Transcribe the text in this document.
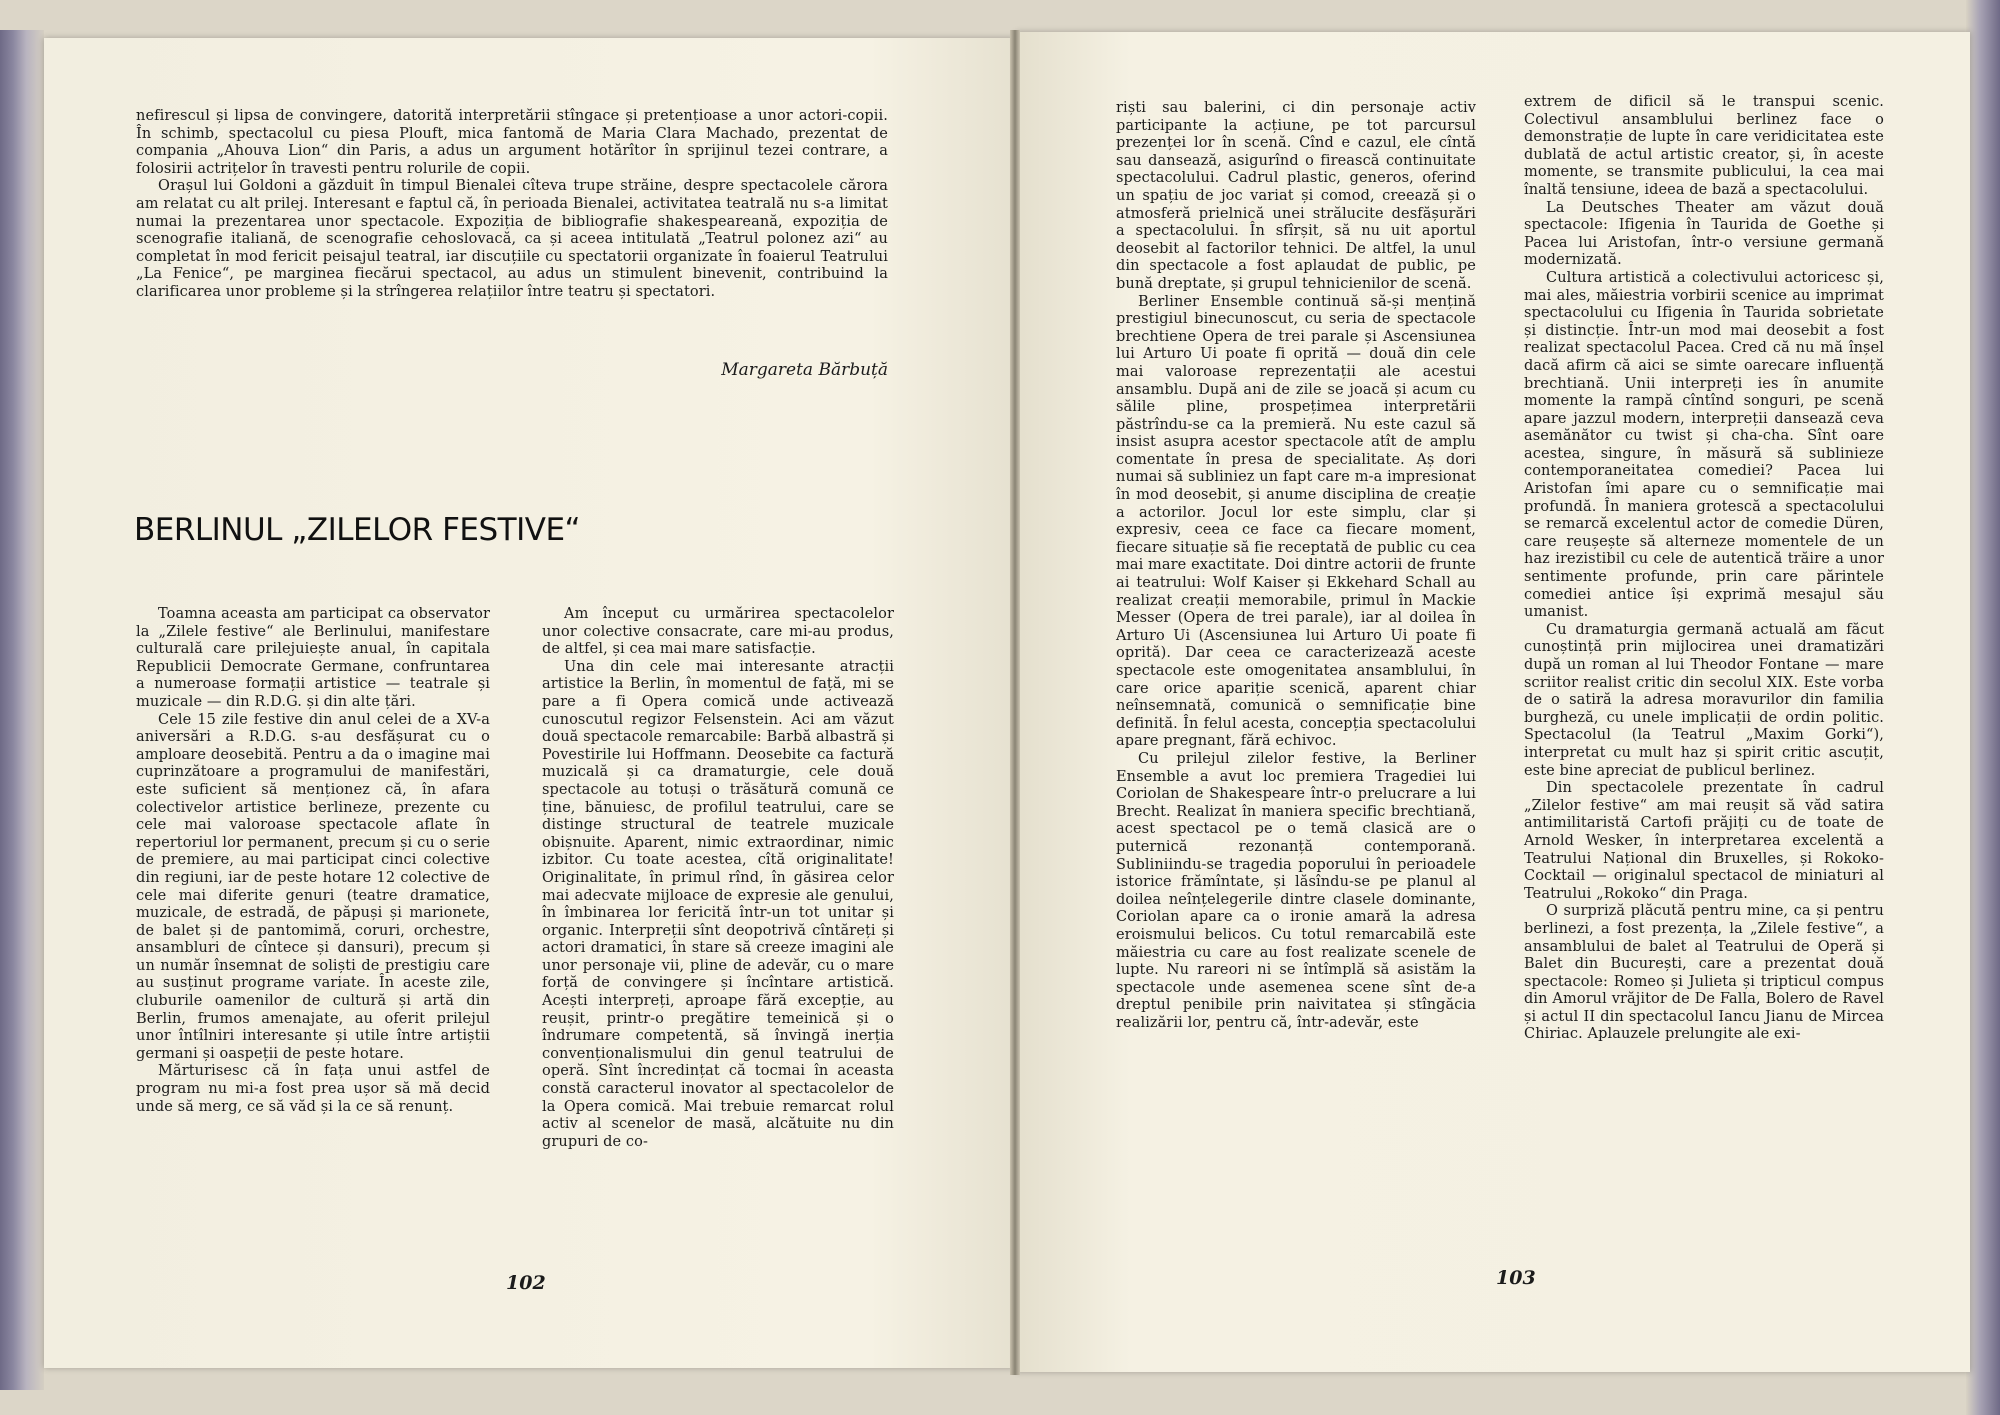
nefirescul și lipsa de convingere, datorită interpretării stîngace și pretențioase a unor actori-copii. În schimb, spectacolul cu piesa Plouft, mica fantomă de Maria Clara Machado, prezentat de compania „Ahouva Lion“ din Paris, a adus un argument hotărîtor în sprijinul tezei contrare, a folosirii actrițelor în travesti pentru rolurile de copii.

Orașul lui Goldoni a găzduit în timpul Bienalei cîteva trupe străine, despre spectacolele cărora am relatat cu alt prilej. Interesant e faptul că, în perioada Bienalei, activitatea teatrală nu s-a limitat numai la prezentarea unor spectacole. Expoziția de bibliografie shakespeareană, expoziția de scenografie italiană, de scenografie cehoslovacă, ca și aceea intitulată „Teatrul polonez azi“ au completat în mod fericit peisajul teatral, iar discuțiile cu spectatorii organizate în foaierul Teatrului „La Fenice“, pe marginea fiecărui spectacol, au adus un stimulent binevenit, contribuind la clarificarea unor probleme și la strîngerea relațiilor între teatru și spectatori.

Margareta Bărbuță
BERLINUL „ZILELOR FESTIVE“

Toamna aceasta am participat ca observator la „Zilele festive“ ale Berlinului, manifestare culturală care prilejuiește anual, în capitala Republicii Democrate Germane, confruntarea a numeroase formații artistice — teatrale și muzicale — din R.D.G. și din alte țări.

Cele 15 zile festive din anul celei de a XV-a aniversări a R.D.G. s-au desfășurat cu o amploare deosebită. Pentru a da o imagine mai cuprinzătoare a programului de manifestări, este suficient să menționez că, în afara colectivelor artistice berlineze, prezente cu cele mai valoroase spectacole aflate în repertoriul lor permanent, precum și cu o serie de premiere, au mai participat cinci colective din regiuni, iar de peste hotare 12 colective de cele mai diferite genuri (teatre dramatice, muzicale, de estradă, de păpuși și marionete, de balet și de pantomimă, coruri, orchestre, ansambluri de cîntece și dansuri), precum și un număr însemnat de soliști de prestigiu care au susținut programe variate. În aceste zile, cluburile oamenilor de cultură și artă din Berlin, frumos amenajate, au oferit prilejul unor întîlniri interesante și utile între artiștii germani și oaspeții de peste hotare.

Mărturisesc că în fața unui astfel de program nu mi-a fost prea ușor să mă decid unde să merg, ce să văd și la ce să renunț.

Am început cu urmărirea spectacolelor unor colective consacrate, care mi-au produs, de altfel, și cea mai mare satisfacție.

Una din cele mai interesante atracții artistice la Berlin, în momentul de față, mi se pare a fi Opera comică unde activează cunoscutul regizor Felsenstein. Aci am văzut două spectacole remarcabile: Barbă albastră și Povestirile lui Hoffmann. Deosebite ca factură muzicală și ca dramaturgie, cele două spectacole au totuși o trăsătură comună ce ține, bănuiesc, de profilul teatrului, care se distinge structural de teatrele muzicale obișnuite. Aparent, nimic extraordinar, nimic izbitor. Cu toate acestea, cîtă originalitate! Originalitate, în primul rînd, în găsirea celor mai adecvate mijloace de expresie ale genului, în îmbinarea lor fericită într-un tot unitar și organic. Interpreții sînt deopotrivă cîntăreți și actori dramatici, în stare să creeze imagini ale unor personaje vii, pline de adevăr, cu o mare forță de convingere și încîntare artistică. Acești interpreți, aproape fără excepție, au reușit, printr-o pregătire temeinică și o îndrumare competentă, să învingă inerția convenționalismului din genul teatrului de operă. Sînt încredințat că tocmai în aceasta constă caracterul inovator al spectacolelor de la Opera comică. Mai trebuie remarcat rolul activ al scenelor de masă, alcătuite nu din grupuri de co-

102

riști sau balerini, ci din personaje activ participante la acțiune, pe tot parcursul prezenței lor în scenă. Cînd e cazul, ele cîntă sau dansează, asigurînd o firească continuitate spectacolului. Cadrul plastic, generos, oferind un spațiu de joc variat și comod, creează și o atmosferă prielnică unei strălucite desfășurări a spectacolului. În sfîrșit, să nu uit aportul deosebit al factorilor tehnici. De altfel, la unul din spectacole a fost aplaudat de public, pe bună dreptate, și grupul tehnicienilor de scenă.

Berliner Ensemble continuă să-și mențină prestigiul binecunoscut, cu seria de spectacole brechtiene Opera de trei parale și Ascensiunea lui Arturo Ui poate fi oprită — două din cele mai valoroase reprezentații ale acestui ansamblu. După ani de zile se joacă și acum cu sălile pline, prospețimea interpretării păstrîndu-se ca la premieră. Nu este cazul să insist asupra acestor spectacole atît de amplu comentate în presa de specialitate. Aș dori numai să subliniez un fapt care m-a impresionat în mod deosebit, și anume disciplina de creație a actorilor. Jocul lor este simplu, clar și expresiv, ceea ce face ca fiecare moment, fiecare situație să fie receptată de public cu cea mai mare exactitate. Doi dintre actorii de frunte ai teatrului: Wolf Kaiser și Ekkehard Schall au realizat creații memorabile, primul în Mackie Messer (Opera de trei parale), iar al doilea în Arturo Ui (Ascensiunea lui Arturo Ui poate fi oprită). Dar ceea ce caracterizează aceste spectacole este omogenitatea ansamblului, în care orice apariție scenică, aparent chiar neînsemnată, comunică o semnificație bine definită. În felul acesta, concepția spectacolului apare pregnant, fără echivoc.

Cu prilejul zilelor festive, la Berliner Ensemble a avut loc premiera Tragediei lui Coriolan de Shakespeare într-o prelucrare a lui Brecht. Realizat în maniera specific brechtiană, acest spectacol pe o temă clasică are o puternică rezonanță contemporană. Subliniindu-se tragedia poporului în perioadele istorice frămîntate, și lăsîndu-se pe planul al doilea neînțelegerile dintre clasele dominante, Coriolan apare ca o ironie amară la adresa eroismului belicos. Cu totul remarcabilă este măiestria cu care au fost realizate scenele de lupte. Nu rareori ni se întîmplă să asistăm la spectacole unde asemenea scene sînt de-a dreptul penibile prin naivitatea și stîngăcia realizării lor, pentru că, într-adevăr, este

extrem de dificil să le transpui scenic. Colectivul ansamblului berlinez face o demonstrație de lupte în care veridicitatea este dublată de actul artistic creator, și, în aceste momente, se transmite publicului, la cea mai înaltă tensiune, ideea de bază a spectacolului.

La Deutsches Theater am văzut două spectacole: Ifigenia în Taurida de Goethe și Pacea lui Aristofan, într-o versiune germană modernizată.

Cultura artistică a colectivului actoricesc și, mai ales, măiestria vorbirii scenice au imprimat spectacolului cu Ifigenia în Taurida sobrietate și distincție. Într-un mod mai deosebit a fost realizat spectacolul Pacea. Cred că nu mă înșel dacă afirm că aici se simte oarecare influență brechtiană. Unii interpreți ies în anumite momente la rampă cîntînd songuri, pe scenă apare jazzul modern, interpreții dansează ceva asemănător cu twist și cha-cha. Sînt oare acestea, singure, în măsură să sublinieze contemporaneitatea comediei? Pacea lui Aristofan îmi apare cu o semnificație mai profundă. În maniera grotescă a spectacolului se remarcă excelentul actor de comedie Düren, care reușește să alterneze momentele de un haz irezistibil cu cele de autentică trăire a unor sentimente profunde, prin care părintele comediei antice își exprimă mesajul său umanist.

Cu dramaturgia germană actuală am făcut cunoștință prin mijlocirea unei dramatizări după un roman al lui Theodor Fontane — mare scriitor realist critic din secolul XIX. Este vorba de o satiră la adresa moravurilor din familia burgheză, cu unele implicații de ordin politic. Spectacolul (la Teatrul „Maxim Gorki“), interpretat cu mult haz și spirit critic ascuțit, este bine apreciat de publicul berlinez.

Din spectacolele prezentate în cadrul „Zilelor festive“ am mai reușit să văd satira antimilitaristă Cartofi prăjiți cu de toate de Arnold Wesker, în interpretarea excelentă a Teatrului Național din Bruxelles, și Rokoko-Cocktail — originalul spectacol de miniaturi al Teatrului „Rokoko“ din Praga.

O surpriză plăcută pentru mine, ca și pentru berlinezi, a fost prezența, la „Zilele festive“, a ansamblului de balet al Teatrului de Operă și Balet din București, care a prezentat două spectacole: Romeo și Julieta și tripticul compus din Amorul vrăjitor de De Falla, Bolero de Ravel și actul II din spectacolul Iancu Jianu de Mircea Chiriac. Aplauzele prelungite ale exi-

103
